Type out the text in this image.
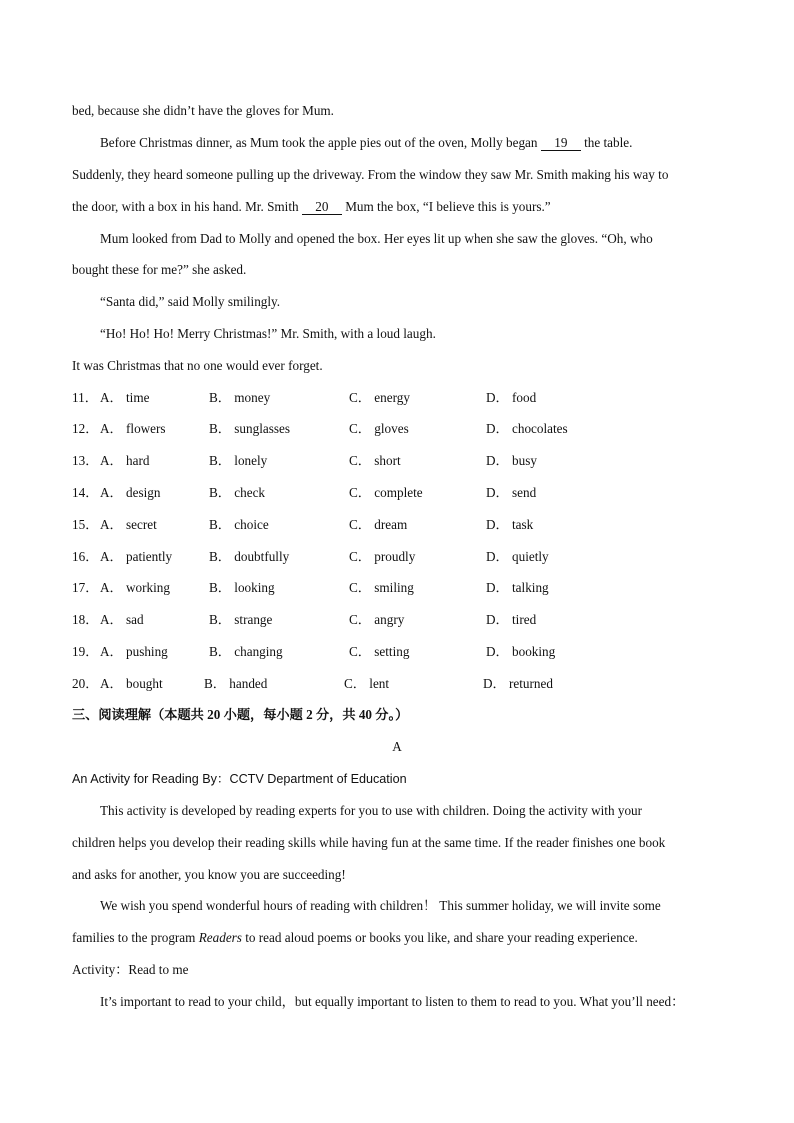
bed, because she didn’t have the gloves for Mum.
Before Christmas dinner, as Mum took the apple pies out of the oven, Molly began 19 the table.
Suddenly, they heard someone pulling up the driveway. From the window they saw Mr. Smith making his way to
the door, with a box in his hand. Mr. Smith 20 Mum the box, “I believe this is yours.”
Mum looked from Dad to Molly and opened the box. Her eyes lit up when she saw the gloves. “Oh, who
bought these for me?” she asked.
“Santa did,” said Molly smilingly.
“Ho! Ho! Ho! Merry Christmas!” Mr. Smith, with a loud laugh.
It was Christmas that no one would ever forget.
11． A． time	B． money	C． energy	D． food
12． A． flowers	B． sunglasses	C． gloves	D． chocolates
13． A． hard	B． lonely	C． short	D． busy
14． A． design	B． check	C． complete	D． send
15． A． secret	B． choice	C． dream	D． task
16． A． patiently	B． doubtfully	C． proudly	D． quietly
17． A． working	B． looking	C． smiling	D． talking
18． A． sad	B． strange	C． angry	D． tired
19． A． pushing	B． changing	C． setting	D． booking
20． A． bought	B． handed	C． lent	D． returned
三、阅读理解（本题共 20 小题，每小题 2 分，共 40 分。）
A
An Activity for Reading By：CCTV Department of Education
This activity is developed by reading experts for you to use with children. Doing the activity with your
children helps you develop their reading skills while having fun at the same time. If the reader finishes one book
and asks for another, you know you are succeeding!
We wish you spend wonderful hours of reading with children！ This summer holiday, we will invite some
families to the program Readers to read aloud poems or books you like, and share your reading experience.
Activity：Read to me
It’s important to read to your child，but equally important to listen to them to read to you. What you’ll need：
